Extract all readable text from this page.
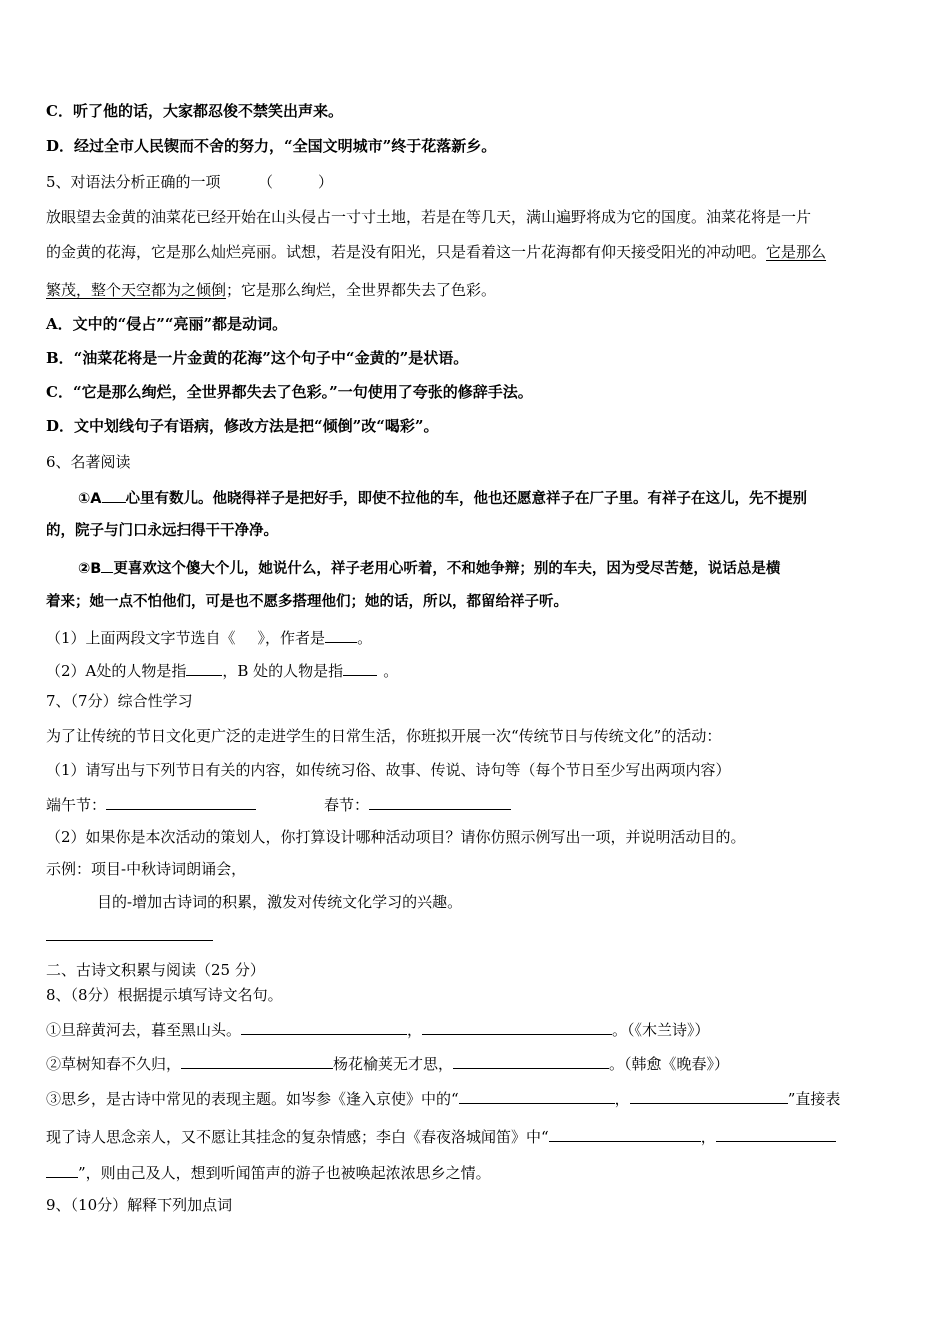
C．听了他的话，大家都忍俊不禁笑出声来。
D．经过全市人民锲而不舍的努力，“全国文明城市”终于花落新乡。
5、对语法分析正确的一项　　　（　　　）
放眼望去金黄的油菜花已经开始在山头侵占一寸寸土地，若是在等几天，满山遍野将成为它的国度。油菜花将是一片
的金黄的花海，它是那么灿烂亮丽。试想，若是没有阳光，只是看着这一片花海都有仰天接受阳光的冲动吧。它是那么
繁茂，整个天空都为之倾倒；它是那么绚烂，全世界都失去了色彩。
A．文中的“侵占”“亮丽”都是动词。
B．“油菜花将是一片金黄的花海”这个句子中“金黄的”是状语。
C．“它是那么绚烂，全世界都失去了色彩。”一句使用了夸张的修辞手法。
D．文中划线句子有语病，修改方法是把“倾倒”改“喝彩”。
6、名著阅读
①A 心里有数儿。他晓得祥子是把好手，即使不拉他的车，他也还愿意祥子在厂子里。有祥子在这儿，先不提别
的，院子与门口永远扫得干干净净。
②B 更喜欢这个傻大个儿，她说什么，祥子老用心听着，不和她争辩；别的车夫，因为受尽苦楚，说话总是横
着来；她一点不怕他们，可是也不愿多搭理他们；她的话，所以，都留给祥子听。
（1）上面两段文字节选自《 》，作者是 。
（2）A处的人物是指 ，B 处的人物是指	。
7、（7分）综合性学习
为了让传统的节日文化更广泛的走进学生的日常生活，你班拟开展一次“传统节日与传统文化”的活动：
（1）请写出与下列节日有关的内容，如传统习俗、故事、传说、诗句等（每个节日至少写出两项内容）
端午节：	春节：
（2）如果你是本次活动的策划人，你打算设计哪种活动项目？请你仿照示例写出一项，并说明活动目的。
示例：项目-中秋诗词朗诵会，
目的-增加古诗词的积累，激发对传统文化学习的兴趣。
二、古诗文积累与阅读（25 分）
8、（8分）根据提示填写诗文名句。
①旦辞黄河去，暮至黑山头。	，	。（《木兰诗》）
②草树知春不久归，	杨花榆荚无才思，	。（韩愈《晚春》）
③思乡，是古诗中常见的表现主题。如岑参《逢入京使》中的“	，	”直接表
现了诗人思念亲人，又不愿让其挂念的复杂情感；李白《春夜洛城闻笛》中“	，
”，则由己及人，想到听闻笛声的游子也被唤起浓浓思乡之情。
9、（10分）解释下列加点词
